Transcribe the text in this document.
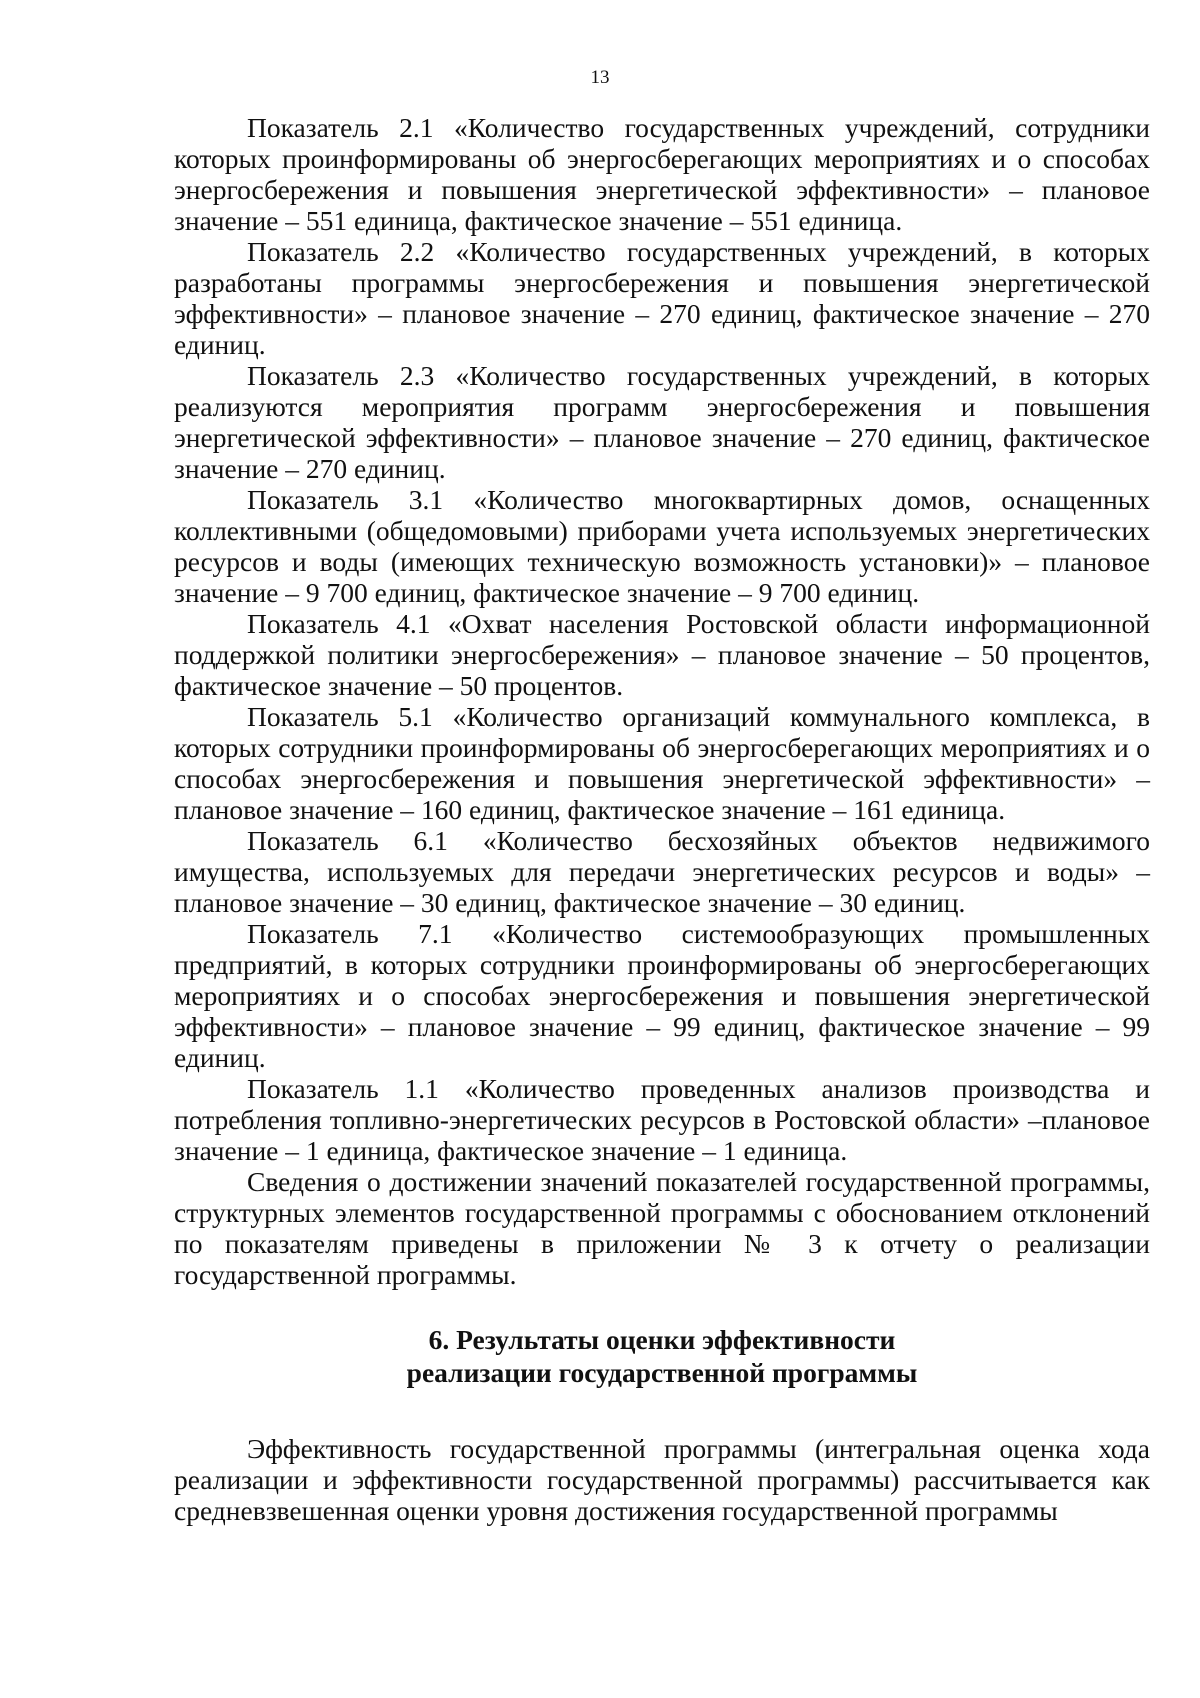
13

Показатель 2.1 «Количество государственных учреждений, сотрудники которых проинформированы об энергосберегающих мероприятиях и о способах энергосбережения и повышения энергетической эффективности» – плановое значение – 551 единица, фактическое значение – 551 единица.

Показатель 2.2 «Количество государственных учреждений, в которых разработаны программы энергосбережения и повышения энергетической эффективности» – плановое значение – 270 единиц, фактическое значение – 270 единиц.

Показатель 2.3 «Количество государственных учреждений, в которых реализуются мероприятия программ энергосбережения и повышения энергетической эффективности» – плановое значение – 270 единиц, фактическое значение – 270 единиц.

Показатель 3.1 «Количество многоквартирных домов, оснащенных коллективными (общедомовыми) приборами учета используемых энергетических ресурсов и воды (имеющих техническую возможность установки)» – плановое значение – 9 700 единиц, фактическое значение – 9 700 единиц.

Показатель 4.1 «Охват населения Ростовской области информационной поддержкой политики энергосбережения» – плановое значение – 50 процентов, фактическое значение – 50 процентов.

Показатель 5.1 «Количество организаций коммунального комплекса, в которых сотрудники проинформированы об энергосберегающих мероприятиях и о способах энергосбережения и повышения энергетической эффективности» – плановое значение – 160 единиц, фактическое значение – 161 единица.

Показатель 6.1 «Количество бесхозяйных объектов недвижимого имущества, используемых для передачи энергетических ресурсов и воды» – плановое значение – 30 единиц, фактическое значение – 30 единиц.

Показатель 7.1 «Количество системообразующих промышленных предприятий, в которых сотрудники проинформированы об энергосберегающих мероприятиях и о способах энергосбережения и повышения энергетической эффективности» – плановое значение – 99 единиц, фактическое значение – 99 единиц.

Показатель 1.1 «Количество проведенных анализов производства и потребления топливно-энергетических ресурсов в Ростовской области» –плановое значение – 1 единица, фактическое значение – 1 единица.

Сведения о достижении значений показателей государственной программы, структурных элементов государственной программы с обоснованием отклонений по показателям приведены в приложении № 3 к отчету о реализации государственной программы.

6. Результаты оценки эффективности
реализации государственной программы

Эффективность государственной программы (интегральная оценка хода реализации и эффективности государственной программы) рассчитывается как средневзвешенная оценки уровня достижения государственной программы
